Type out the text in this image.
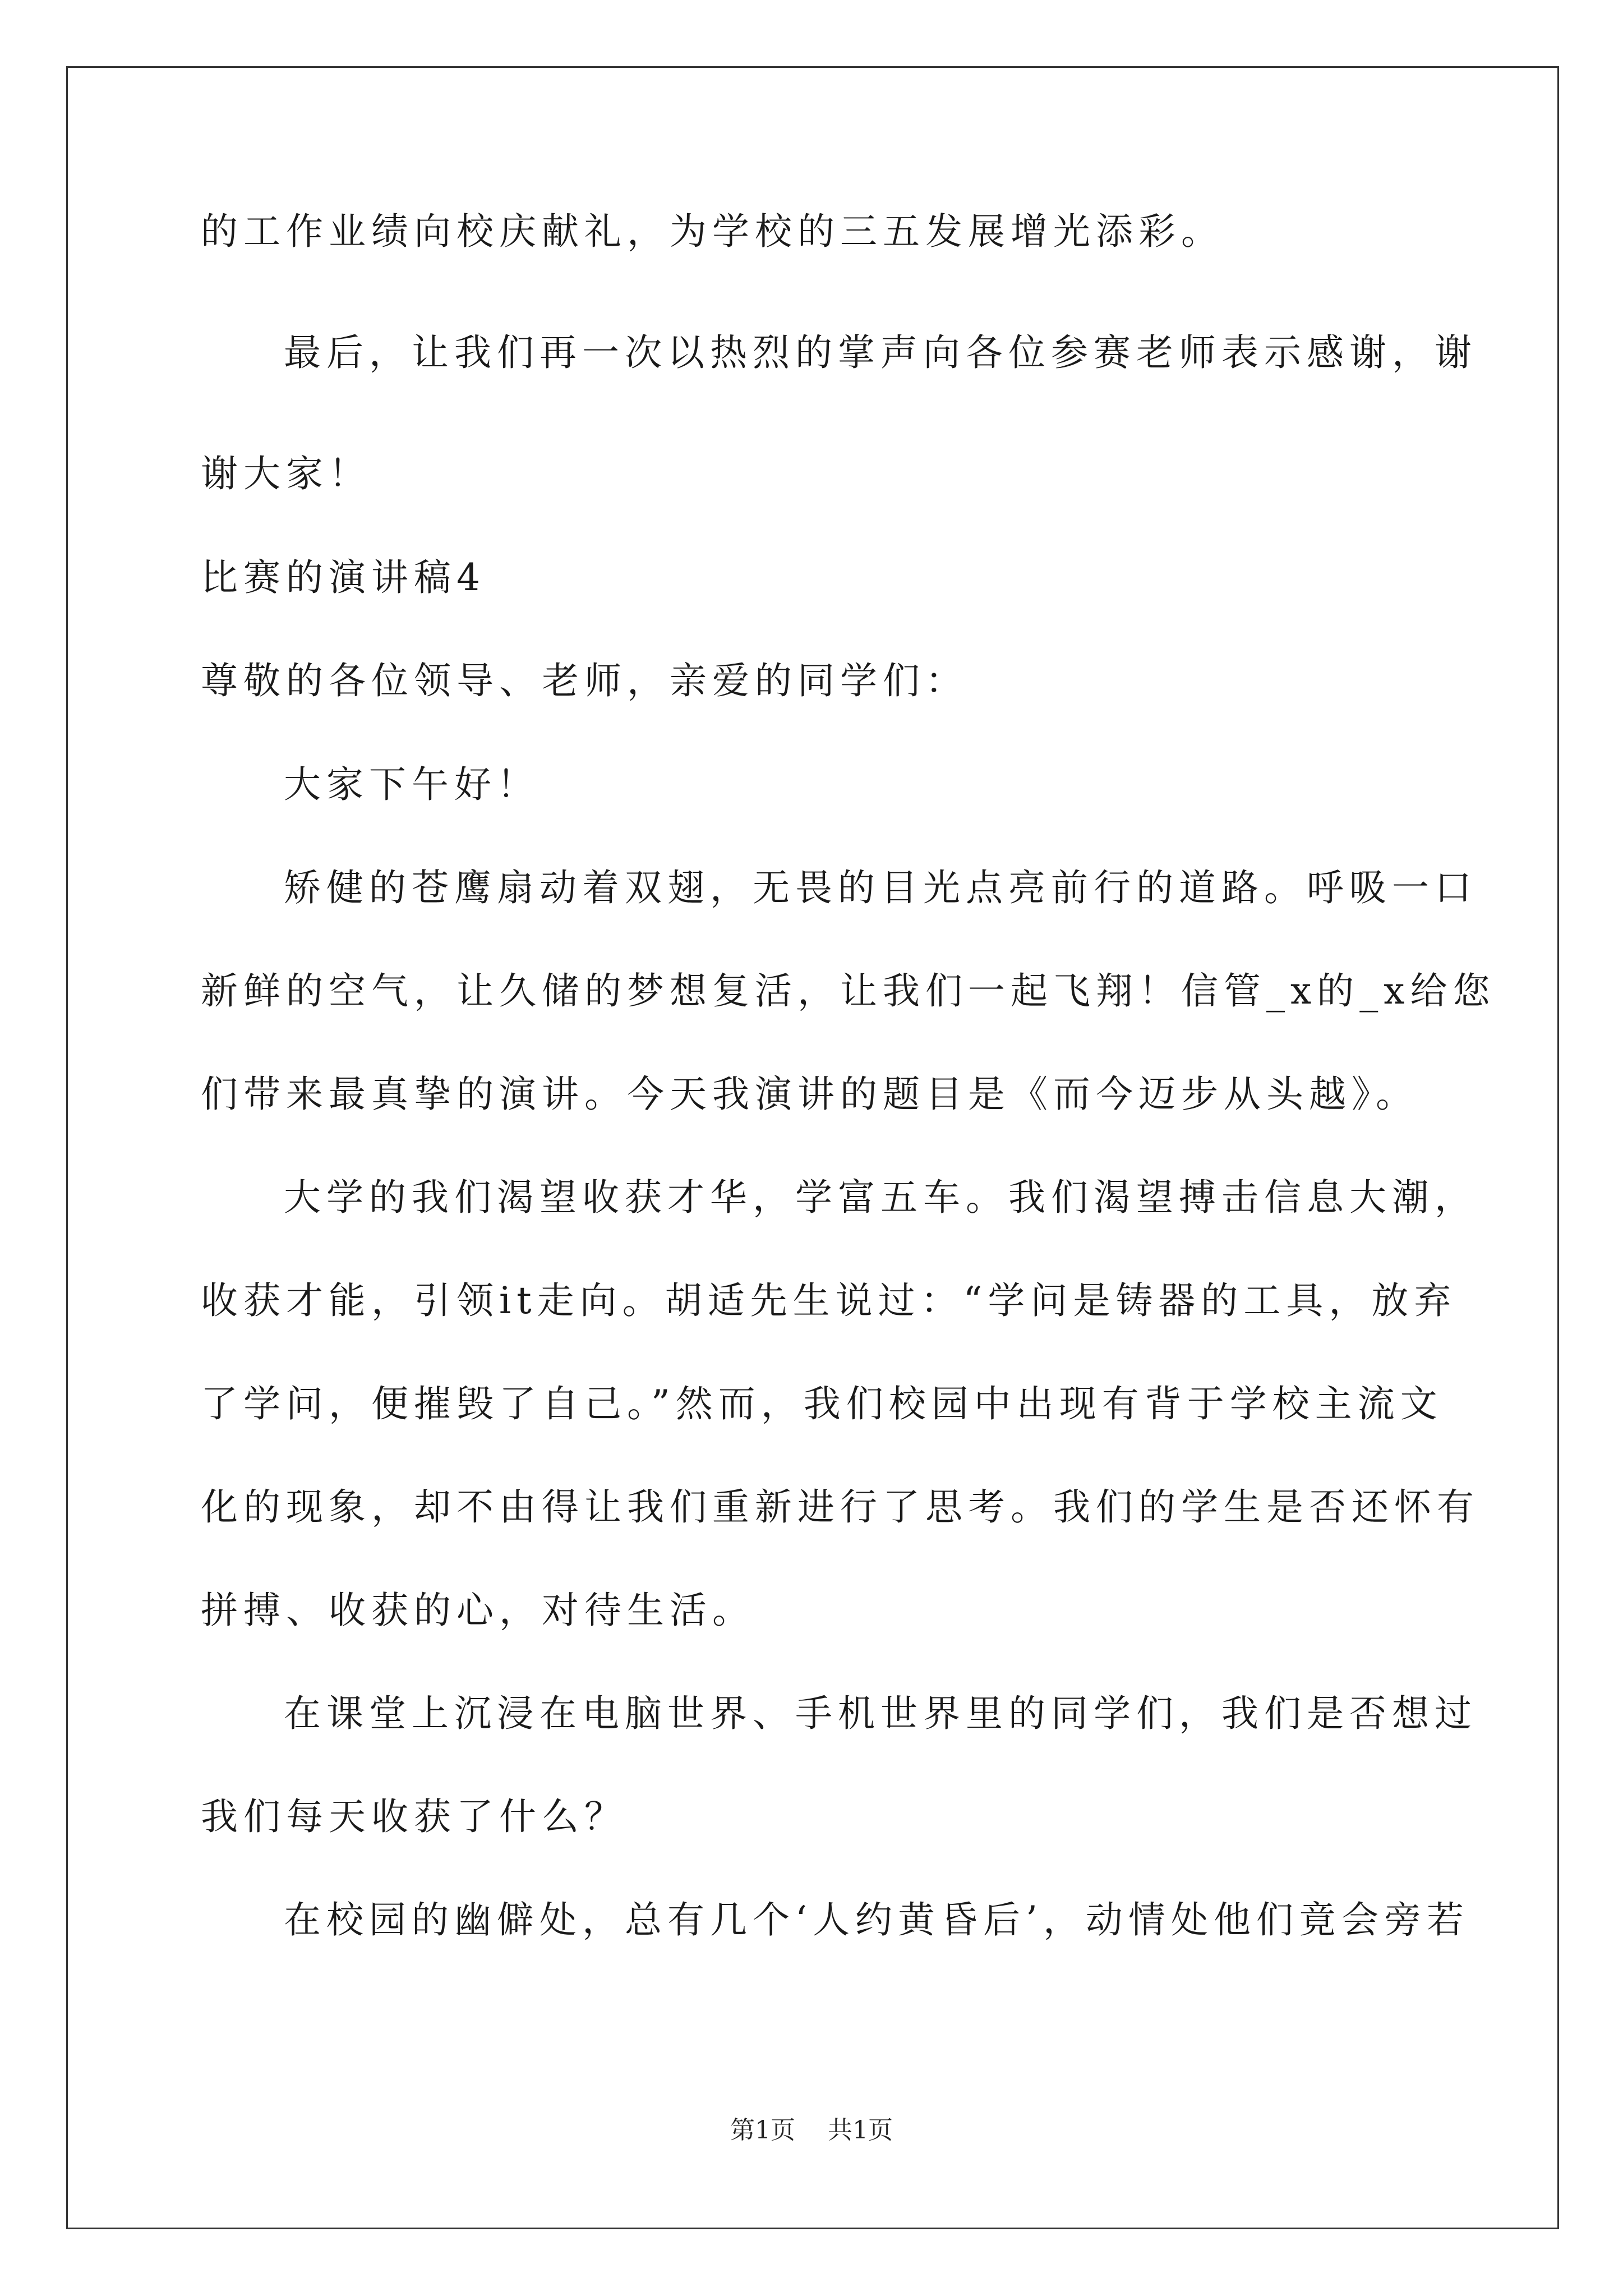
的工作业绩向校庆献礼，为学校的三五发展增光添彩。
最后，让我们再一次以热烈的掌声向各位参赛老师表示感谢，谢
谢大家！
比赛的演讲稿4
尊敬的各位领导、老师，亲爱的同学们：
大家下午好！
矫健的苍鹰扇动着双翅，无畏的目光点亮前行的道路。呼吸一口
新鲜的空气，让久储的梦想复活，让我们一起飞翔！信管_x的_x给您
们带来最真挚的演讲。今天我演讲的题目是《而今迈步从头越》。
大学的我们渴望收获才华，学富五车。我们渴望搏击信息大潮，
收获才能，引领it走向。胡适先生说过：“学问是铸器的工具，放弃
了学问，便摧毁了自己。”然而，我们校园中出现有背于学校主流文
化的现象，却不由得让我们重新进行了思考。我们的学生是否还怀有
拼搏、收获的心，对待生活。
在课堂上沉浸在电脑世界、手机世界里的同学们，我们是否想过
我们每天收获了什么？
在校园的幽僻处，总有几个‘人约黄昏后’，动情处他们竟会旁若
第1页 共1页
